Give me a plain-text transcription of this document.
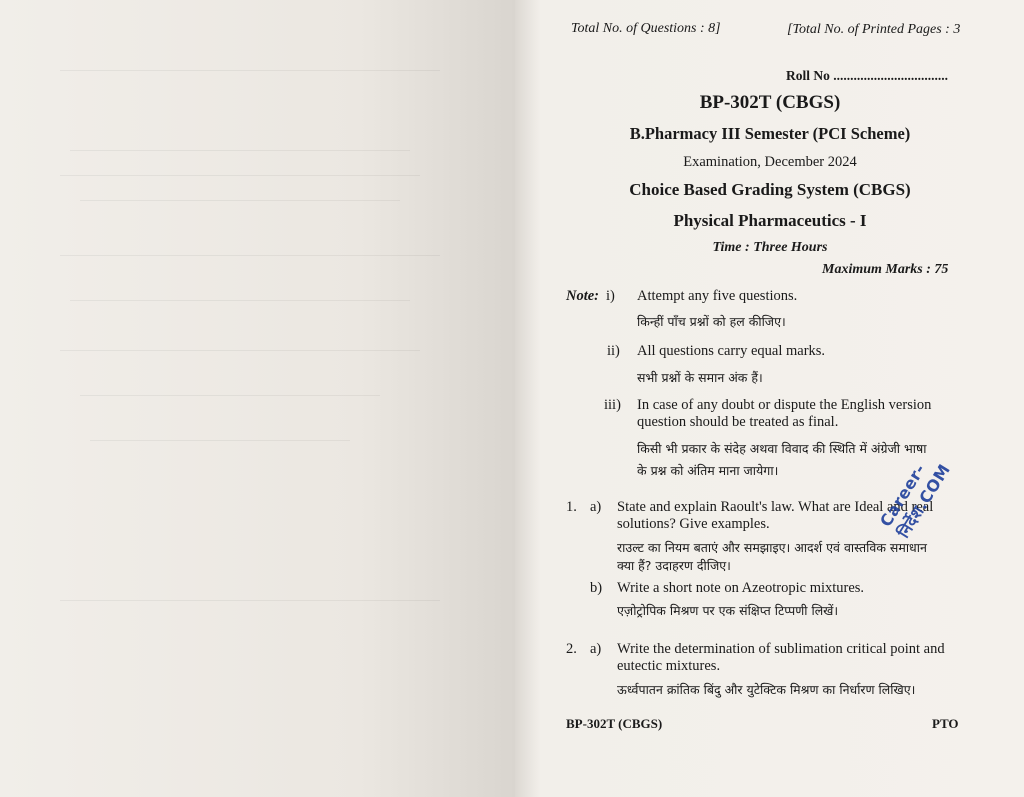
Total No. of Questions : 8]	[Total No. of Printed Pages : 3
Roll No ..................................
BP-302T (CBGS)
B.Pharmacy III Semester (PCI Scheme)
Examination, December 2024
Choice Based Grading System (CBGS)
Physical Pharmaceutics - I
Time : Three Hours
Maximum Marks : 75
Note: i) Attempt any five questions.
किन्हीं पाँच प्रश्नों को हल कीजिए।
ii) All questions carry equal marks.
सभी प्रश्नों के समान अंक हैं।
iii) In case of any doubt or dispute the English version
question should be treated as final.
किसी भी प्रकार के संदेह अथवा विवाद की स्थिति में अंग्रेजी भाषा
के प्रश्न को अंतिम माना जायेगा।
1. a) State and explain Raoult's law. What are Ideal and real
solutions? Give examples.
राउल्ट का नियम बताएं और समझाइए। आदर्श एवं वास्तविक समाधान
क्या हैं? उदाहरण दीजिए।
b) Write a short note on Azeotropic mixtures.
एज़ोट्रोपिक मिश्रण पर एक संक्षिप्त टिप्पणी लिखें।
2. a) Write the determination of sublimation critical point and
eutectic mixtures.
ऊर्ध्वपातन क्रांतिक बिंदु और युटेक्टिक मिश्रण का निर्धारण लिखिए।
BP-302T (CBGS)	PTO
Career-निर्देश.COM
